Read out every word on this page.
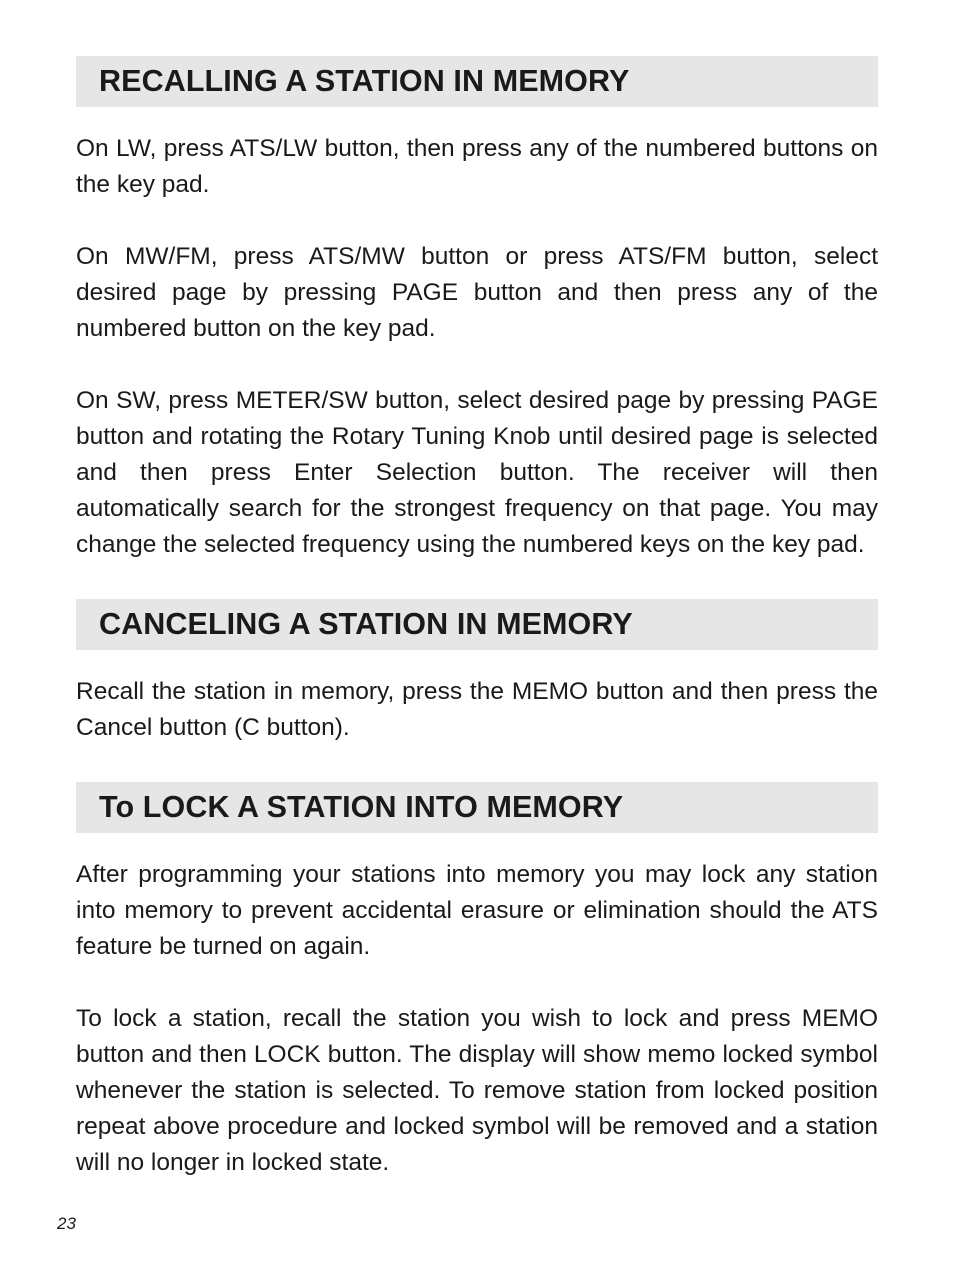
RECALLING A STATION IN MEMORY

On LW, press ATS/LW button, then press any of the numbered buttons on the key pad.

On MW/FM, press ATS/MW button or press ATS/FM button, select desired page by pressing PAGE button and then press any of the numbered button on the key pad.

On SW, press METER/SW button, select desired page by pressing PAGE button and rotating the Rotary Tuning Knob until desired page is selected and then press Enter Selection button. The receiver will then automatically search for the strongest frequency on that page. You may change the selected frequency using the numbered keys on the key pad.

CANCELING A STATION IN MEMORY

Recall the station in memory, press the MEMO button and then press the Cancel button (C button).

To LOCK A STATION INTO MEMORY

After programming your stations into memory you may lock any station into memory to prevent accidental erasure or elimination should the ATS feature be turned on again.

To lock a station, recall the station you wish to lock and press MEMO button and then LOCK button. The display will show memo locked symbol whenever the station is selected. To remove station from locked position repeat above procedure and locked symbol will be removed and a station will no longer in locked state.

23
